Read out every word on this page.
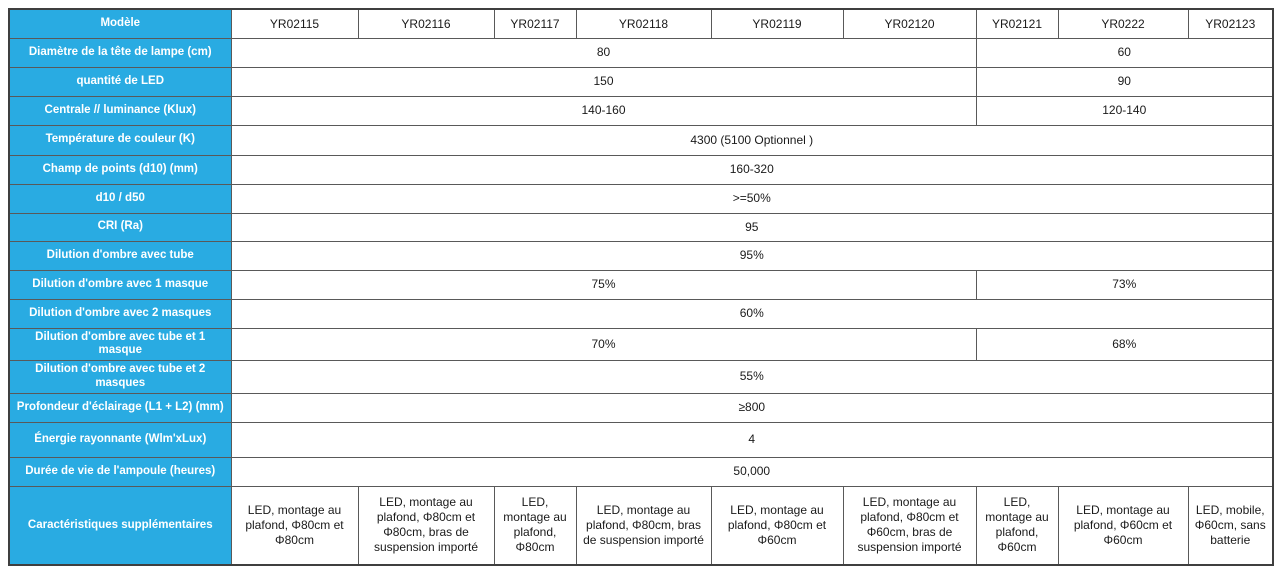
Modèle	YR02115	YR02116	YR02117	YR02118	YR02119	YR02120	YR02121	YR0222	YR02123
Diamètre de la tête de lampe (cm)	80						60		
quantité de LED	150						90		
Centrale // luminance (Klux)	140-160						120-140		
Température de couleur (K)	4300 (5100 Optionnel )								
Champ de points (d10) (mm)	160-320								
d10 / d50	>=50%								
CRI (Ra)	95								
Dilution d'ombre avec tube	95%								
Dilution d'ombre avec 1 masque	75%						73%		
Dilution d'ombre avec 2 masques	60%								
Dilution d'ombre avec tube et 1 masque	70%						68%		
Dilution d'ombre avec tube et 2 masques	55%								
Profondeur d'éclairage (L1 + L2) (mm)	≥800								
Énergie rayonnante (Wlm'xLux)	4								
Durée de vie de l'ampoule (heures)	50,000								
Caractéristiques supplémentaires	LED, montage au plafond, Φ80cm et Φ80cm	LED, montage au plafond, Φ80cm et Φ80cm, bras de suspension importé	LED, montage au plafond, Φ80cm	LED, montage au plafond, Φ80cm, bras de suspension importé	LED, montage au plafond, Φ80cm et Φ60cm	LED, montage au plafond, Φ80cm et Φ60cm, bras de suspension importé	LED, montage au plafond, Φ60cm	LED, montage au plafond, Φ60cm et Φ60cm	LED, mobile, Φ60cm, sans batterie
